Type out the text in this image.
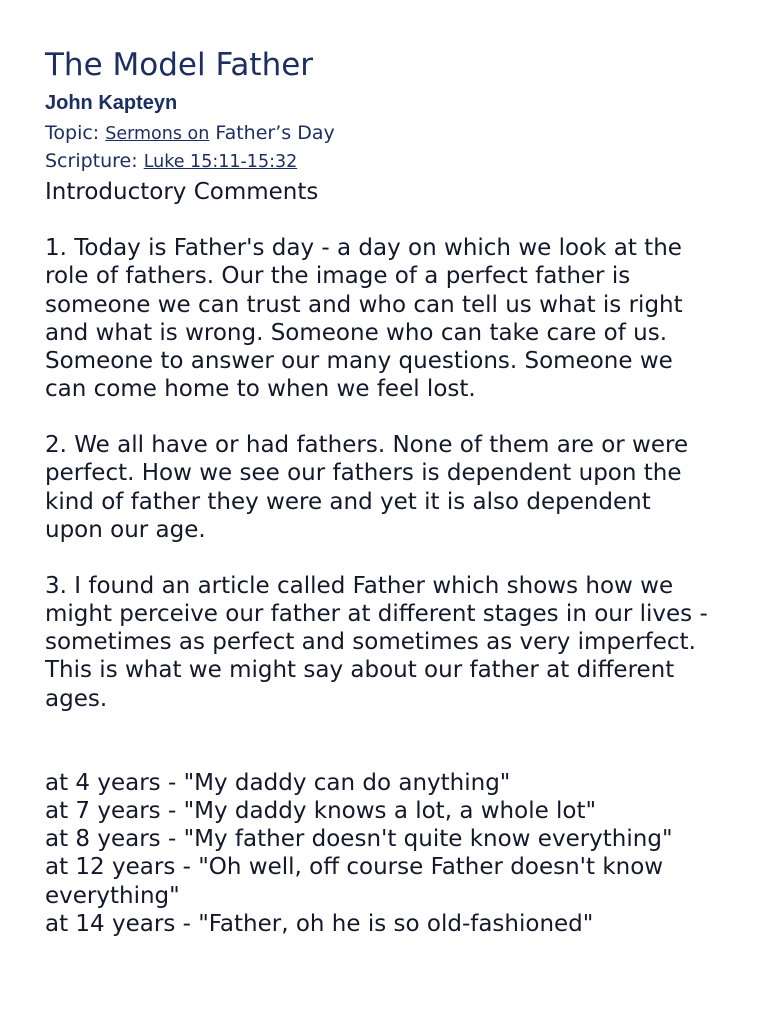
The Model Father
John Kapteyn
Topic: Sermons on Father’s Day
Scripture: Luke 15:11-15:32
Introductory Comments
1. Today is Father's day - a day on which we look at the
role of fathers. Our the image of a perfect father is
someone we can trust and who can tell us what is right
and what is wrong. Someone who can take care of us.
Someone to answer our many questions. Someone we
can come home to when we feel lost.
2. We all have or had fathers. None of them are or were
perfect. How we see our fathers is dependent upon the
kind of father they were and yet it is also dependent
upon our age.
3. I found an article called Father which shows how we
might perceive our father at different stages in our lives -
sometimes as perfect and sometimes as very imperfect.
This is what we might say about our father at different
ages.
at 4 years - "My daddy can do anything"
at 7 years - "My daddy knows a lot, a whole lot"
at 8 years - "My father doesn't quite know everything"
at 12 years - "Oh well, off course Father doesn't know
everything"
at 14 years - "Father, oh he is so old-fashioned"
